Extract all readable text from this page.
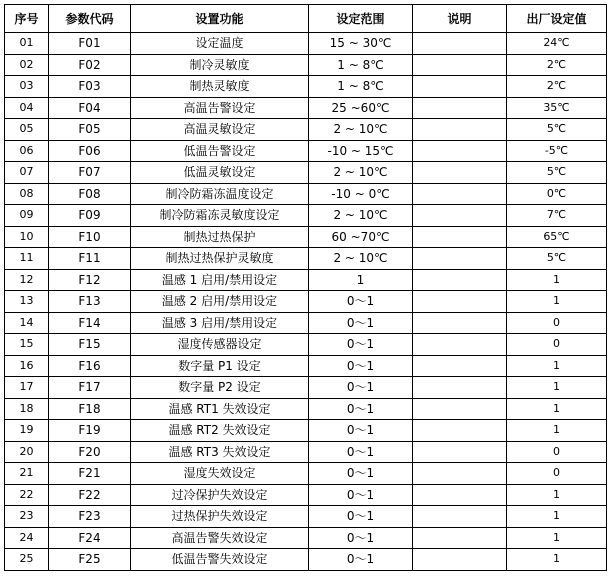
序号	参数代码	设置功能	设定范围	说明	出厂设定值
01	F01	设定温度	15 ~ 30℃		24℃
02	F02	制冷灵敏度	1 ~ 8℃		2℃
03	F03	制热灵敏度	1 ~ 8℃		2℃
04	F04	高温告警设定	25 ~60℃		35℃
05	F05	高温灵敏设定	2 ~ 10℃		5℃
06	F06	低温告警设定	-10 ~ 15℃		-5℃
07	F07	低温灵敏设定	2 ~ 10℃		5℃
08	F08	制冷防霜冻温度设定	-10 ~ 0℃		0℃
09	F09	制冷防霜冻灵敏度设定	2 ~ 10℃		7℃
10	F10	制热过热保护	60 ~70℃		65℃
11	F11	制热过热保护灵敏度	2 ~ 10℃		5℃
12	F12	温感 1 启用/禁用设定	1		1
13	F13	温感 2 启用/禁用设定	0～1		1
14	F14	温感 3 启用/禁用设定	0～1		0
15	F15	湿度传感器设定	0～1		0
16	F16	数字量 P1 设定	0～1		1
17	F17	数字量 P2 设定	0～1		1
18	F18	温感 RT1 失效设定	0～1		1
19	F19	温感 RT2 失效设定	0～1		1
20	F20	温感 RT3 失效设定	0～1		0
21	F21	湿度失效设定	0～1		0
22	F22	过冷保护失效设定	0～1		1
23	F23	过热保护失效设定	0～1		1
24	F24	高温告警失效设定	0～1		1
25	F25	低温告警失效设定	0～1		1
